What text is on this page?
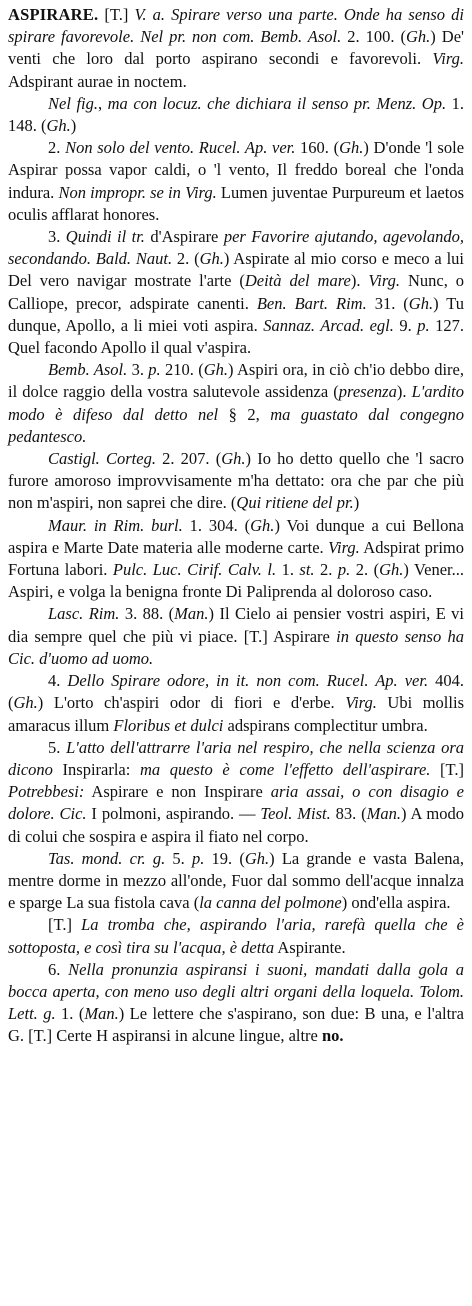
ASPIRARE. [T.] V. a. Spirare verso una parte. Onde ha senso di spirare favorevole. Nel pr. non com. Bemb. Asol. 2. 100. (Gh.) De' venti che loro dal porto aspirano secondi e favorevoli. Virg. Adspirant aurae in noctem.

Nel fig., ma con locuz. che dichiara il senso pr. Menz. Op. 1. 148. (Gh.)

2. Non solo del vento. Rucel. Ap. ver. 160. (Gh.) D'onde 'l sole Aspirar possa vapor caldi, o 'l vento, Il freddo boreal che l'onda indura. Non impropr. se in Virg. Lumen juventae Purpureum et laetos oculis afflarat honores.

3. Quindi il tr. d'Aspirare per Favorire ajutando, agevolando, secondando. Bald. Naut. 2. (Gh.) Aspirate al mio corso e meco a lui Del vero navigar mostrate l'arte (Deità del mare). Virg. Nunc, o Calliope, precor, adspirate canenti. Ben. Bart. Rim. 31. (Gh.) Tu dunque, Apollo, a li miei voti aspira. Sannaz. Arcad. egl. 9. p. 127. Quel facondo Apollo il qual v'aspira.

Bemb. Asol. 3. p. 210. (Gh.) Aspiri ora, in ciò ch'io debbo dire, il dolce raggio della vostra salutevole assidenza (presenza). L'ardito modo è difeso dal detto nel § 2, ma guastato dal congegno pedantesco.

Castigl. Corteg. 2. 207. (Gh.) Io ho detto quello che 'l sacro furore amoroso improvvisamente m'ha dettato: ora che par che più non m'aspiri, non saprei che dire. (Qui ritiene del pr.)

Maur. in Rim. burl. 1. 304. (Gh.) Voi dunque a cui Bellona aspira e Marte Date materia alle moderne carte. Virg. Adspirat primo Fortuna labori. Pulc. Luc. Cirif. Calv. l. 1. st. 2. p. 2. (Gh.) Vener... Aspiri, e volga la benigna fronte Di Paliprenda al doloroso caso.

Lasc. Rim. 3. 88. (Man.) Il Cielo ai pensier vostri aspiri, E vi dia sempre quel che più vi piace. [T.] Aspirare in questo senso ha Cic. d'uomo ad uomo.

4. Dello Spirare odore, in it. non com. Rucel. Ap. ver. 404. (Gh.) L'orto ch'aspiri odor di fiori e d'erbe. Virg. Ubi mollis amaracus illum Floribus et dulci adspirans complectitur umbra.

5. L'atto dell'attrarre l'aria nel respiro, che nella scienza ora dicono Inspirarla: ma questo è come l'effetto dell'aspirare. [T.] Potrebbesi: Aspirare e non Inspirare aria assai, o con disagio e dolore. Cic. I polmoni, aspirando. — Teol. Mist. 83. (Man.) A modo di colui che sospira e aspira il fiato nel corpo.

Tas. mond. cr. g. 5. p. 19. (Gh.) La grande e vasta Balena, mentre dorme in mezzo all'onde, Fuor dal sommo dell'acque innalza e sparge La sua fistola cava (la canna del polmone) ond'ella aspira.

[T.] La tromba che, aspirando l'aria, rarefà quella che è sottoposta, e così tira su l'acqua, è detta Aspirante.

6. Nella pronunzia aspiransi i suoni, mandati dalla gola a bocca aperta, con meno uso degli altri organi della loquela. Tolom. Lett. g. 1. (Man.) Le lettere che s'aspirano, son due: B una, e l'altra G. [T.] Certe H aspiransi in alcune lingue, altre no.
